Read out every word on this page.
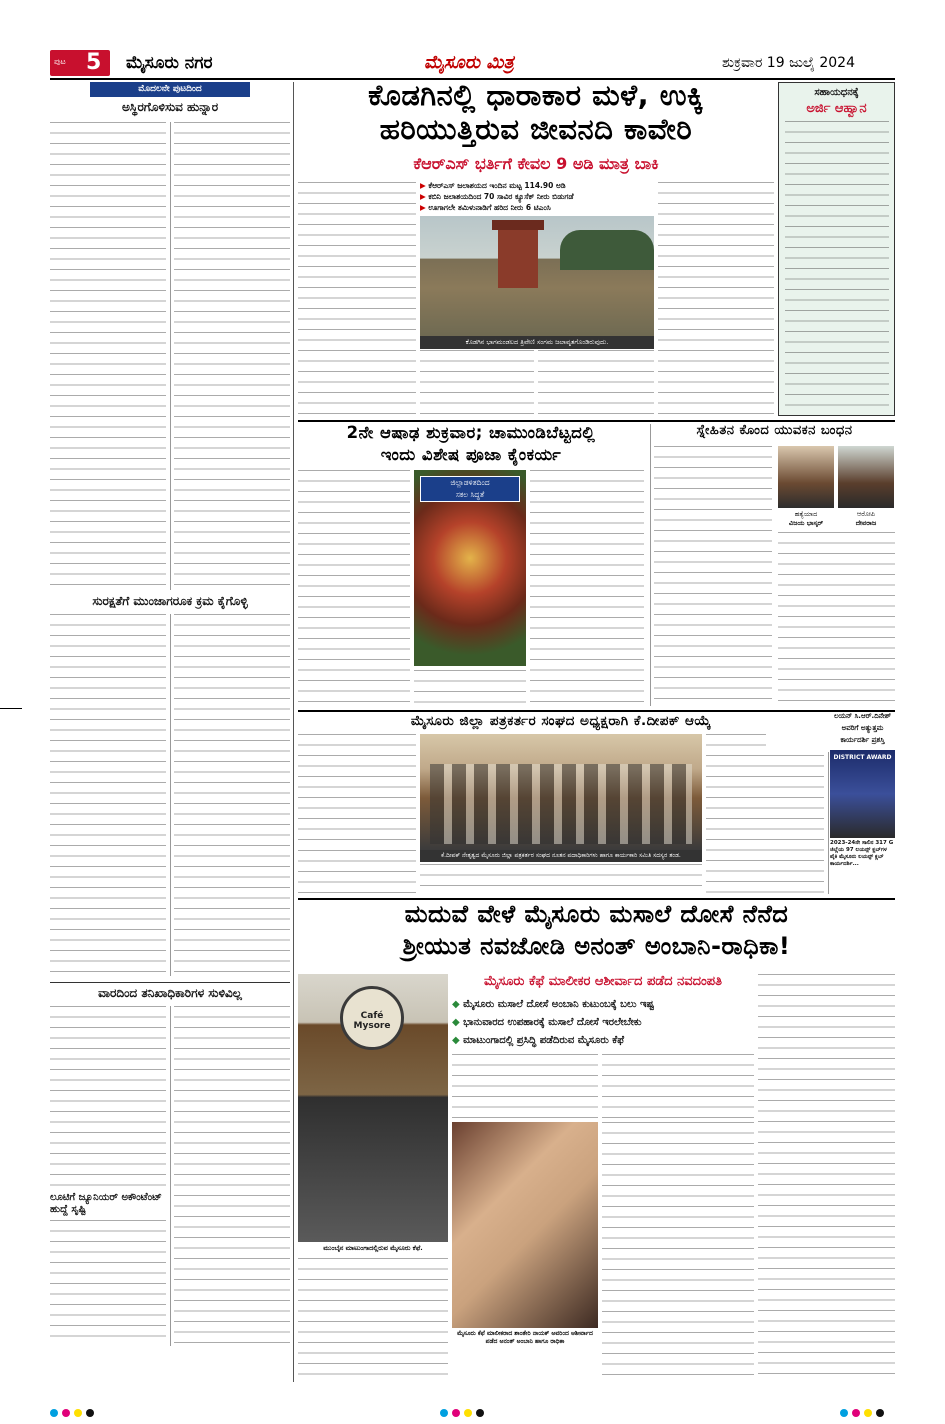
ಪುಟ 5 ಮೈಸೂರು ನಗರ	ಮೈಸೂರು ಮಿತ್ರ	ಶುಕ್ರವಾರ 19 ಜುಲೈ 2024
ಮೊದಲನೇ ಪುಟದಿಂದ
ಅಸ್ಥಿರಗೊಳಿಸುವ ಹುನ್ನಾರ
ಸುರಕ್ಷತೆಗೆ ಮುಂಜಾಗರೂಕ ಕ್ರಮ ಕೈಗೊಳ್ಳಿ
ವಾರದಿಂದ ತನಿಖಾಧಿಕಾರಿಗಳ ಸುಳಿವಿಲ್ಲ
ಲೂಟಿಗೆ ಜ್ಯೂನಿಯರ್ ಅಕೌಂಟೆಂಟ್ ಹುದ್ದೆ ಸೃಷ್ಟಿ
ಕೊಡಗಿನಲ್ಲಿ ಧಾರಾಕಾರ ಮಳೆ, ಉಕ್ಕಿ
ಹರಿಯುತ್ತಿರುವ ಜೀವನದಿ ಕಾವೇರಿ
ಕೆಆರ್‌ಎಸ್ ಭರ್ತಿಗೆ ಕೇವಲ 9 ಅಡಿ ಮಾತ್ರ ಬಾಕಿ
▶ ಕೆಆರ್‌ಎಸ್ ಜಲಾಶಯದ ಇಂದಿನ ಮಟ್ಟ 114.90 ಅಡಿ
▶ ಕಬಿನಿ ಜಲಾಶಯದಿಂದ 70 ಸಾವಿರ ಕ್ಯೂಸೆಕ್ ನೀರು ಬಿಡುಗಡೆ
▶ ಊಗಾಗಲೇ ತಮಿಳುನಾಡಿಗೆ ಹರಿದ ನೀರು 6 ಟಿಎಂಸಿ
ಕೊಡಗಿನ ಭಾಗಮಂಡಲದ ತ್ರಿವೇಣಿ ಸಂಗಮ ಜಲಾವೃತಗೊಂಡಿರುವುದು.
ಸಹಾಯಧನಕ್ಕೆ
ಅರ್ಜಿ ಆಹ್ವಾನ
2ನೇ ಆಷಾಢ ಶುಕ್ರವಾರ; ಚಾಮುಂಡಿಬೆಟ್ಟದಲ್ಲಿ
ಇಂದು ವಿಶೇಷ ಪೂಜಾ ಕೈಂಕರ್ಯ
ಜಿಲ್ಲಾಡಳಿತದಿಂದ
ಸಕಲ ಸಿದ್ಧತೆ
ಸ್ನೇಹಿತನ ಕೊಂದ ಯುವಕನ ಬಂಧನ
ಹತ್ಯೆಯಾದ
ವಿಜಯ ಭಾಸ್ಕರ್
ಆರೋಪಿ
ದೇವರಾಜ
ಮೈಸೂರು ಜಿಲ್ಲಾ ಪತ್ರಕರ್ತರ ಸಂಘದ ಅಧ್ಯಕ್ಷರಾಗಿ ಕೆ.ದೀಪಕ್ ಆಯ್ಕೆ
ಕೆ.ದೀಪಕ್ ನೇತೃತ್ವದ ಮೈಸೂರು ಜಿಲ್ಲಾ ಪತ್ರಕರ್ತರ ಸಂಘದ ನೂತನ ಪದಾಧಿಕಾರಿಗಳು ಹಾಗೂ ಕಾರ್ಯಕಾರಿ ಸಮಿತಿ ಸದಸ್ಯರ ತಂಡ.
ಲಯನ್ ಸಿ.ಆರ್.ದಿನೇಶ್
ಅವರಿಗೆ ಅತ್ಯುತ್ತಮ
ಕಾರ್ಯದರ್ಶಿ ಪ್ರಶಸ್ತಿ
DISTRICT AWARD
2023-24ನೇ ಸಾಲಿನ 317 G ಜಿಲ್ಲೆಯ 97 ಲಯನ್ಸ್ ಕ್ಲಬ್‌ಗಳ ಪೈಕಿ ಮೈಸೂರು ಲಯನ್ಸ್ ಕ್ಲಬ್ ಕಾರ್ಯದರ್ಶಿ...
ಮದುವೆ ವೇಳೆ ಮೈಸೂರು ಮಸಾಲೆ ದೋಸೆ ನೆನೆದ
ಶ್ರೀಯುತ ನವಜೋಡಿ ಅನಂತ್ ಅಂಬಾನಿ-ರಾಧಿಕಾ!
Café Mysore
ಮುಂಬೈನ ಮಾಟುಂಗಾದಲ್ಲಿರುವ ಮೈಸೂರು ಕೆಫೆ.
ಮೈಸೂರು ಕೆಫೆ ಮಾಲೀಕರ ಆಶೀರ್ವಾದ ಪಡೆದ ನವದಂಪತಿ
◆ ಮೈಸೂರು ಮಸಾಲೆ ದೋಸೆ ಅಂಬಾನಿ ಕುಟುಂಬಕ್ಕೆ ಬಲು ಇಷ್ಟ
◆ ಭಾನುವಾರದ ಉಪಹಾರಕ್ಕೆ ಮಸಾಲೆ ದೋಸೆ ಇರಲೇಬೇಕು
◆ ಮಾಟುಂಗಾದಲ್ಲಿ ಪ್ರಸಿದ್ಧಿ ಪಡೆದಿರುವ ಮೈಸೂರು ಕೆಫೆ
ಮೈಸೂರು ಕೆಫೆ ಮಾಲೀಕರಾದ ಶಾಂತೇರಿ ನಾಯಕ್ ಅವರಿಂದ ಆಶೀರ್ವಾದ ಪಡೆದ ಅನಂತ್ ಅಂಬಾನಿ ಹಾಗೂ ರಾಧಿಕಾ
